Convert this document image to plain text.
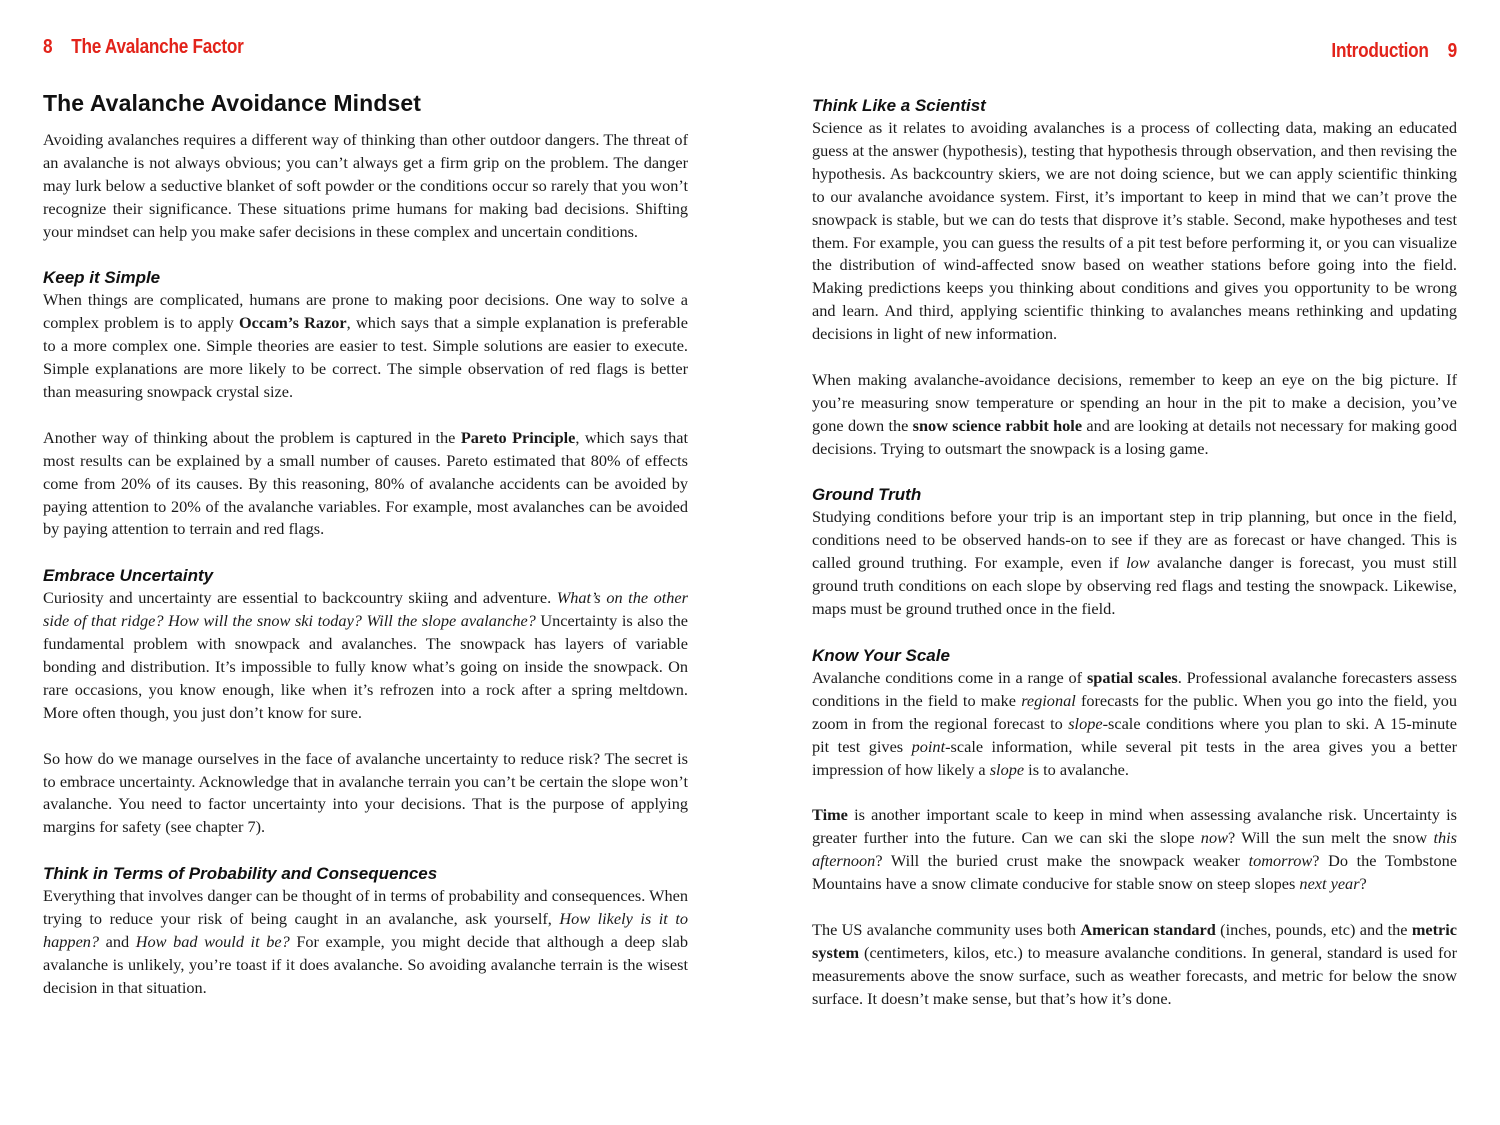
8 The Avalanche Factor
The Avalanche Avoidance Mindset

Avoiding avalanches requires a different way of thinking than other outdoor dangers. The threat of an avalanche is not always obvious; you can’t always get a firm grip on the problem. The danger may lurk below a seductive blanket of soft powder or the conditions occur so rarely that you won’t recognize their significance. These situations prime humans for making bad decisions. Shifting your mindset can help you make safer decisions in these complex and uncertain conditions.

Keep it Simple

When things are complicated, humans are prone to making poor decisions. One way to solve a complex problem is to apply Occam’s Razor, which says that a simple explanation is preferable to a more complex one. Simple theories are easier to test. Simple solutions are easier to execute. Simple explanations are more likely to be correct. The simple observation of red flags is better than measuring snowpack crystal size.

Another way of thinking about the problem is captured in the Pareto Principle, which says that most results can be explained by a small number of causes. Pareto estimated that 80% of effects come from 20% of its causes. By this reasoning, 80% of avalanche accidents can be avoided by paying attention to 20% of the avalanche variables. For example, most avalanches can be avoided by paying attention to terrain and red flags.

Embrace Uncertainty

Curiosity and uncertainty are essential to backcountry skiing and adventure. What’s on the other side of that ridge? How will the snow ski today? Will the slope avalanche? Uncertainty is also the fundamental problem with snowpack and avalanches. The snowpack has layers of variable bonding and distribution. It’s impossible to fully know what’s going on inside the snowpack. On rare occasions, you know enough, like when it’s refrozen into a rock after a spring meltdown. More often though, you just don’t know for sure.

So how do we manage ourselves in the face of avalanche uncertainty to reduce risk? The secret is to embrace uncertainty. Acknowledge that in avalanche terrain you can’t be certain the slope won’t avalanche. You need to factor uncertainty into your decisions. That is the purpose of applying margins for safety (see chapter 7).

Think in Terms of Probability and Consequences

Everything that involves danger can be thought of in terms of probability and consequences. When trying to reduce your risk of being caught in an avalanche, ask yourself, How likely is it to happen? and How bad would it be? For example, you might decide that although a deep slab avalanche is unlikely, you’re toast if it does avalanche. So avoiding avalanche terrain is the wisest decision in that situation.

Introduction 9
Think Like a Scientist

Science as it relates to avoiding avalanches is a process of collecting data, making an educated guess at the answer (hypothesis), testing that hypothesis through observation, and then revising the hypothesis. As backcountry skiers, we are not doing science, but we can apply scientific thinking to our avalanche avoidance system. First, it’s important to keep in mind that we can’t prove the snowpack is stable, but we can do tests that disprove it’s stable. Second, make hypotheses and test them. For example, you can guess the results of a pit test before performing it, or you can visualize the distribution of wind-affected snow based on weather stations before going into the field. Making predictions keeps you thinking about conditions and gives you opportunity to be wrong and learn. And third, applying scientific thinking to avalanches means rethinking and updating decisions in light of new information.

When making avalanche-avoidance decisions, remember to keep an eye on the big picture. If you’re measuring snow temperature or spending an hour in the pit to make a decision, you’ve gone down the snow science rabbit hole and are looking at details not necessary for making good decisions. Trying to outsmart the snowpack is a losing game.

Ground Truth

Studying conditions before your trip is an important step in trip planning, but once in the field, conditions need to be observed hands-on to see if they are as forecast or have changed. This is called ground truthing. For example, even if low avalanche danger is forecast, you must still ground truth conditions on each slope by observing red flags and testing the snowpack. Likewise, maps must be ground truthed once in the field.

Know Your Scale

Avalanche conditions come in a range of spatial scales. Professional avalanche forecasters assess conditions in the field to make regional forecasts for the public. When you go into the field, you zoom in from the regional forecast to slope-scale conditions where you plan to ski. A 15-minute pit test gives point-scale information, while several pit tests in the area gives you a better impression of how likely a slope is to avalanche.

Time is another important scale to keep in mind when assessing avalanche risk. Uncertainty is greater further into the future. Can we can ski the slope now? Will the sun melt the snow this afternoon? Will the buried crust make the snowpack weaker tomorrow? Do the Tombstone Mountains have a snow climate conducive for stable snow on steep slopes next year?

The US avalanche community uses both American standard (inches, pounds, etc) and the metric system (centimeters, kilos, etc.) to measure avalanche conditions. In general, standard is used for measurements above the snow surface, such as weather forecasts, and metric for below the snow surface. It doesn’t make sense, but that’s how it’s done.
